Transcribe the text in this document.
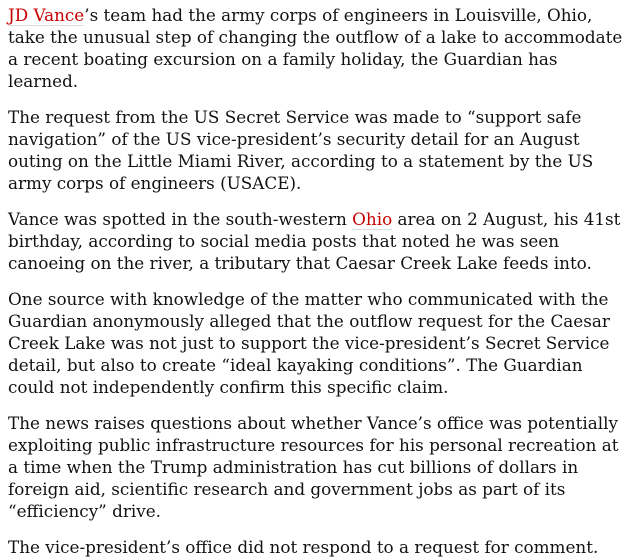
JD Vance’s team had the army corps of engineers in Louisville, Ohio, take the unusual step of changing the outflow of a lake to accommodate a recent boating excursion on a family holiday, the Guardian has learned.

The request from the US Secret Service was made to “support safe navigation” of the US vice-president’s security detail for an August outing on the Little Miami River, according to a statement by the US army corps of engineers (USACE).

Vance was spotted in the south-western Ohio area on 2 August, his 41st birthday, according to social media posts that noted he was seen canoeing on the river, a tributary that Caesar Creek Lake feeds into.

One source with knowledge of the matter who communicated with the Guardian anonymously alleged that the outflow request for the Caesar Creek Lake was not just to support the vice-president’s Secret Service detail, but also to create “ideal kayaking conditions”. The Guardian could not independently confirm this specific claim.

The news raises questions about whether Vance’s office was potentially exploiting public infrastructure resources for his personal recreation at a time when the Trump administration has cut billions of dollars in foreign aid, scientific research and government jobs as part of its “efficiency” drive.

The vice-president’s office did not respond to a request for comment.
